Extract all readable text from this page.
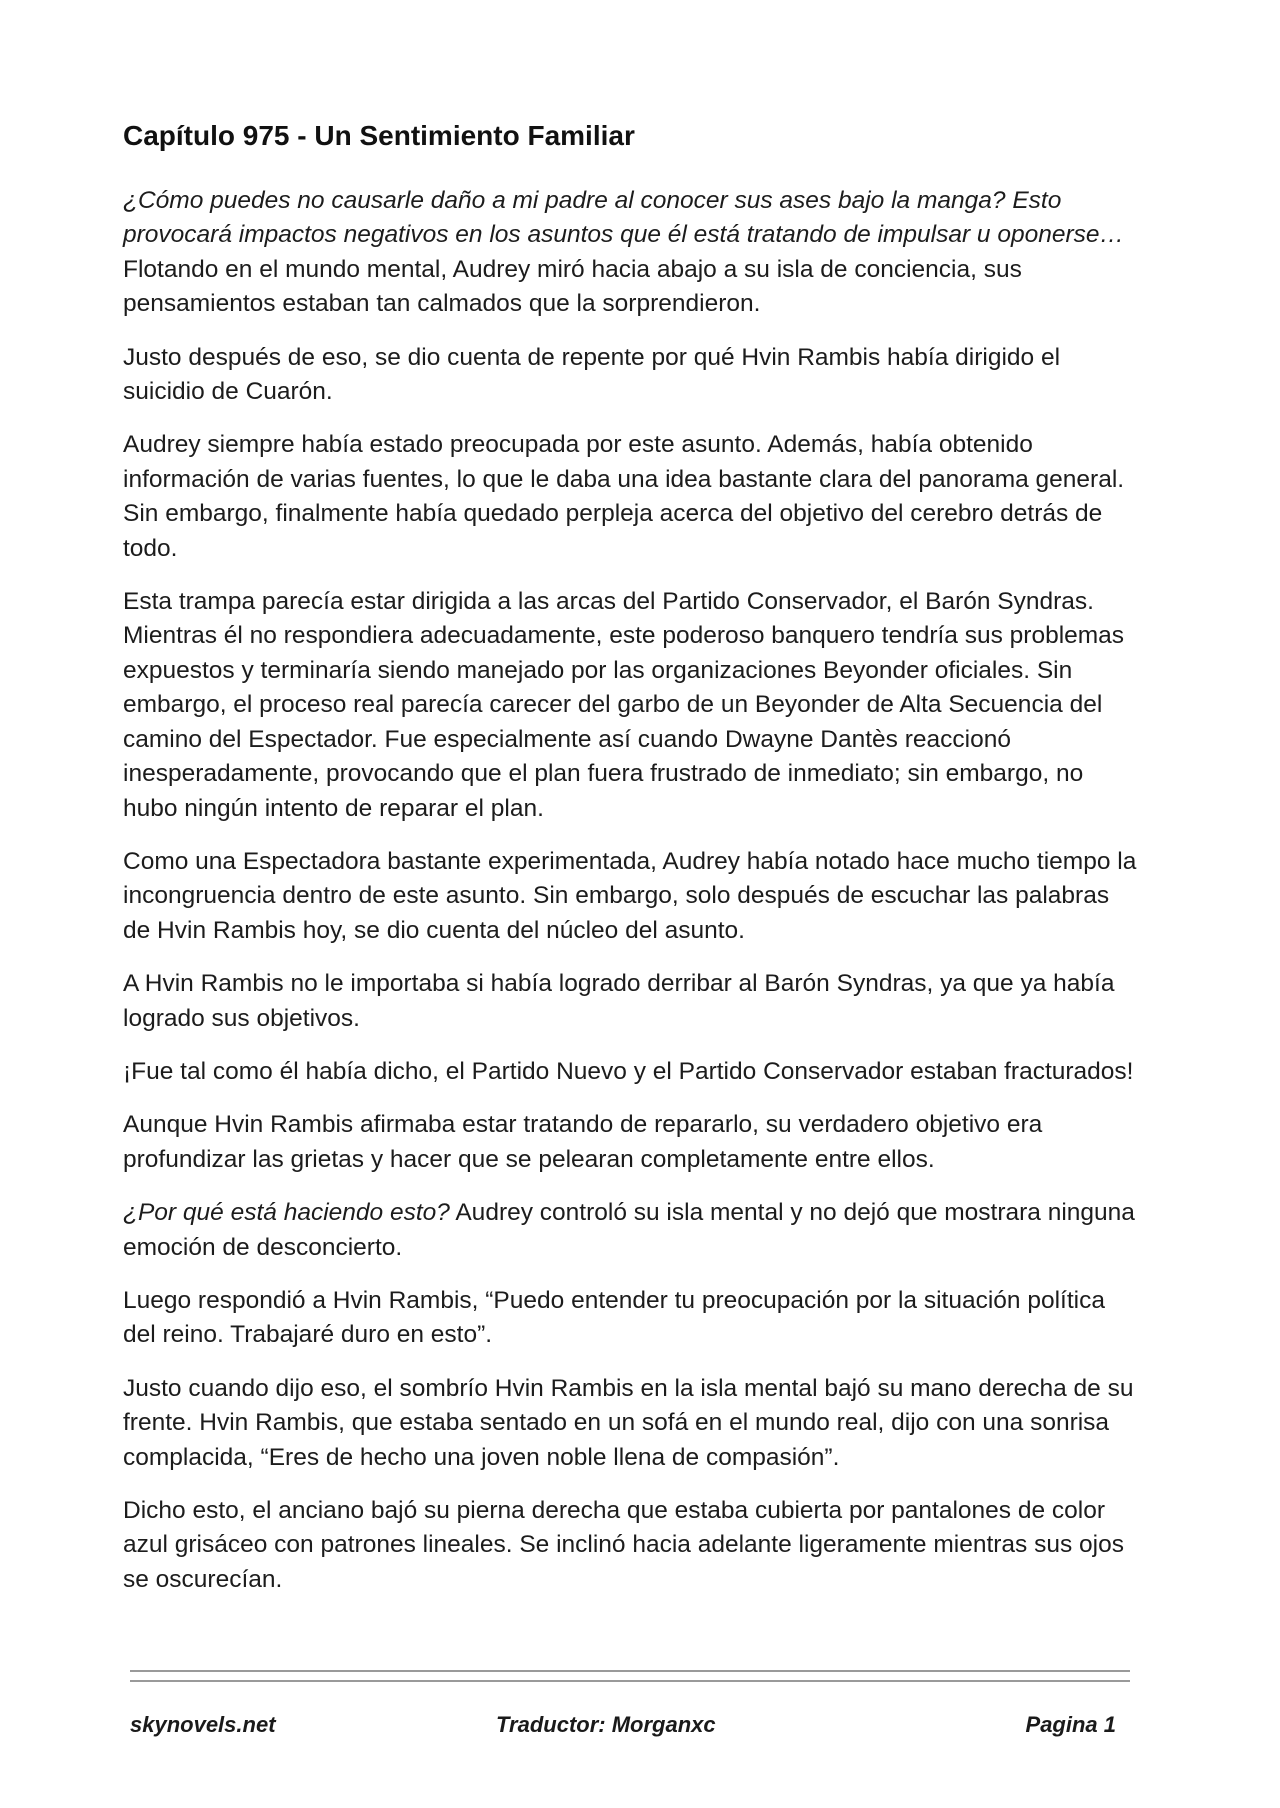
Capítulo 975 - Un Sentimiento Familiar

¿Cómo puedes no causarle daño a mi padre al conocer sus ases bajo la manga? Esto provocará impactos negativos en los asuntos que él está tratando de impulsar u oponerse… Flotando en el mundo mental, Audrey miró hacia abajo a su isla de conciencia, sus pensamientos estaban tan calmados que la sorprendieron.

Justo después de eso, se dio cuenta de repente por qué Hvin Rambis había dirigido el suicidio de Cuarón.

Audrey siempre había estado preocupada por este asunto. Además, había obtenido información de varias fuentes, lo que le daba una idea bastante clara del panorama general. Sin embargo, finalmente había quedado perpleja acerca del objetivo del cerebro detrás de todo.

Esta trampa parecía estar dirigida a las arcas del Partido Conservador, el Barón Syndras. Mientras él no respondiera adecuadamente, este poderoso banquero tendría sus problemas expuestos y terminaría siendo manejado por las organizaciones Beyonder oficiales. Sin embargo, el proceso real parecía carecer del garbo de un Beyonder de Alta Secuencia del camino del Espectador. Fue especialmente así cuando Dwayne Dantès reaccionó inesperadamente, provocando que el plan fuera frustrado de inmediato; sin embargo, no hubo ningún intento de reparar el plan.

Como una Espectadora bastante experimentada, Audrey había notado hace mucho tiempo la incongruencia dentro de este asunto. Sin embargo, solo después de escuchar las palabras de Hvin Rambis hoy, se dio cuenta del núcleo del asunto.

A Hvin Rambis no le importaba si había logrado derribar al Barón Syndras, ya que ya había logrado sus objetivos.

¡Fue tal como él había dicho, el Partido Nuevo y el Partido Conservador estaban fracturados!

Aunque Hvin Rambis afirmaba estar tratando de repararlo, su verdadero objetivo era profundizar las grietas y hacer que se pelearan completamente entre ellos.

¿Por qué está haciendo esto? Audrey controló su isla mental y no dejó que mostrara ninguna emoción de desconcierto.

Luego respondió a Hvin Rambis, “Puedo entender tu preocupación por la situación política del reino. Trabajaré duro en esto”.

Justo cuando dijo eso, el sombrío Hvin Rambis en la isla mental bajó su mano derecha de su frente. Hvin Rambis, que estaba sentado en un sofá en el mundo real, dijo con una sonrisa complacida, “Eres de hecho una joven noble llena de compasión”.

Dicho esto, el anciano bajó su pierna derecha que estaba cubierta por pantalones de color azul grisáceo con patrones lineales. Se inclinó hacia adelante ligeramente mientras sus ojos se oscurecían.

skynovels.net	Traductor: Morganxc	Pagina 1
